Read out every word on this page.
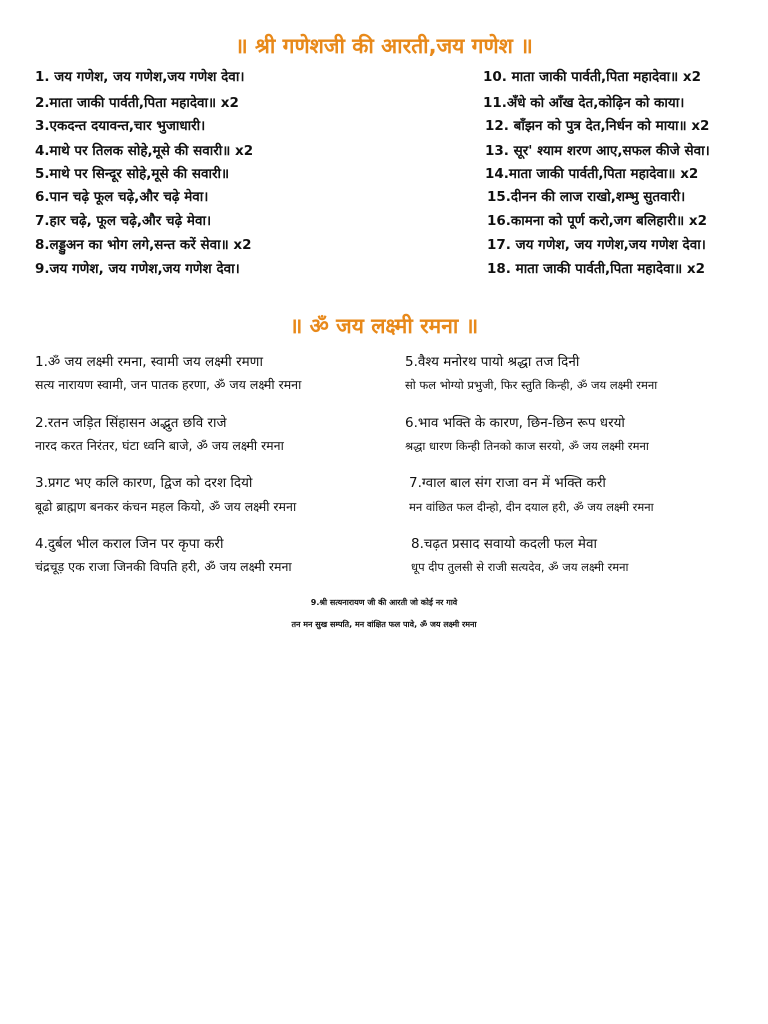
॥ श्री गणेशजी की आरती,जय गणेश ॥
1. जय गणेश, जय गणेश,जय गणेश देवा।
2.माता जाकी पार्वती,पिता महादेवा॥ x2
3.एकदन्त दयावन्त,चार भुजाधारी।
4.माथे पर तिलक सोहे,मूसे की सवारी॥ x2
5.माथे पर सिन्दूर सोहे,मूसे की सवारी॥
6.पान चढ़े फूल चढ़े,और चढ़े मेवा।
7.हार चढ़े, फूल चढ़े,और चढ़े मेवा।
8.लड्डुअन का भोग लगे,सन्त करें सेवा॥ x2
9.जय गणेश, जय गणेश,जय गणेश देवा।
10. माता जाकी पार्वती,पिता महादेवा॥ x2
11.अँधे को आँख देत,कोढ़िन को काया।
12. बाँझन को पुत्र देत,निर्धन को माया॥ x2
13. सूर' श्याम शरण आए,सफल कीजे सेवा।
14.माता जाकी पार्वती,पिता महादेवा॥ x2
15.दीनन की लाज राखो,शम्भु सुतवारी।
16.कामना को पूर्ण करो,जग बलिहारी॥ x2
17. जय गणेश, जय गणेश,जय गणेश देवा।
18. माता जाकी पार्वती,पिता महादेवा॥ x2
॥ ॐ जय लक्ष्मी रमना ॥
1.ॐ जय लक्ष्मी रमना, स्वामी जय लक्ष्मी रमणा
सत्य नारायण स्वामी, जन पातक हरणा, ॐ जय लक्ष्मी रमना
2.रतन जड़ित सिंहासन अद्भुत छवि राजे
नारद करत निरंतर, घंटा ध्वनि बाजे, ॐ जय लक्ष्मी रमना
3.प्रगट भए कलि कारण, द्विज को दरश दियो
बूढो ब्राह्मण बनकर कंचन महल कियो, ॐ जय लक्ष्मी रमना
4.दुर्बल भील कराल जिन पर कृपा करी
चंद्रचूड़ एक राजा जिनकी विपति हरी, ॐ जय लक्ष्मी रमना
5.वैश्य मनोरथ पायो श्रद्धा तज दिनी
सो फल भोग्यो प्रभुजी, फिर स्तुति किन्ही, ॐ जय लक्ष्मी रमना
6.भाव भक्ति के कारण, छिन-छिन रूप धरयो
श्रद्धा धारण किन्ही तिनको काज सरयो, ॐ जय लक्ष्मी रमना
7.ग्वाल बाल संग राजा वन में भक्ति करी
मन वांछित फल दीन्हो, दीन दयाल हरी, ॐ जय लक्ष्मी रमना
8.चढ़त प्रसाद सवायो कदली फल मेवा
धूप दीप तुलसी से राजी सत्यदेव, ॐ जय लक्ष्मी रमना
9.श्री सत्यनारायण जी की आरती जो कोई नर गावे
तन मन सुख सम्पति, मन वांक्षित फल पावे, ॐ जय लक्ष्मी रमना
